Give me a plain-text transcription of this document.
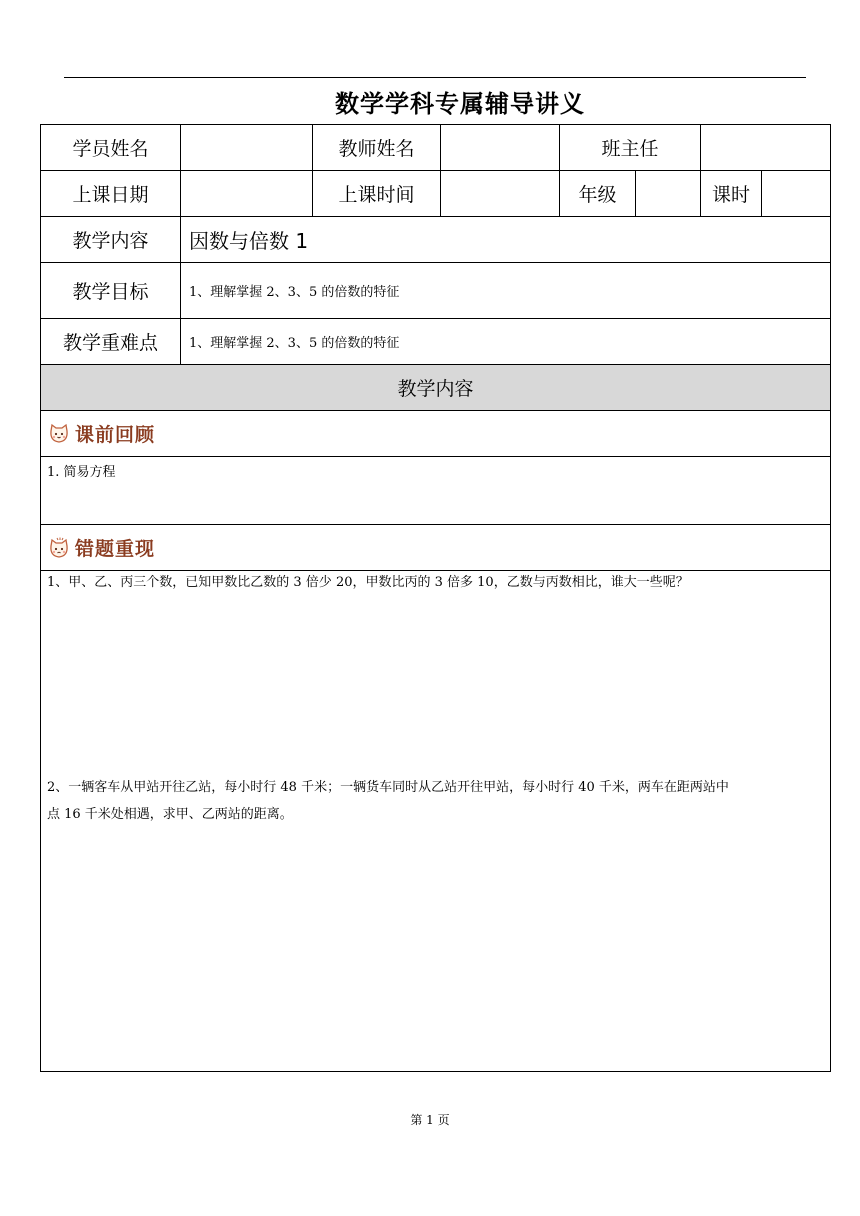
数学学科专属辅导讲义
学员姓名	教师姓名	班主任
上课日期	上课时间	年级	课时
教学内容	因数与倍数 1
教学目标	1、理解掌握 2、3、5 的倍数的特征
教学重难点	1、理解掌握 2、3、5 的倍数的特征
教学内容
课前回顾
1. 简易方程
错题重现
1、甲、乙、丙三个数，已知甲数比乙数的 3 倍少 20，甲数比丙的 3 倍多 10，乙数与丙数相比，谁大一些呢？
2、一辆客车从甲站开往乙站，每小时行 48 千米；一辆货车同时从乙站开往甲站，每小时行 40 千米，两车在距两站中
点 16 千米处相遇，求甲、乙两站的距离。
第 1 页
